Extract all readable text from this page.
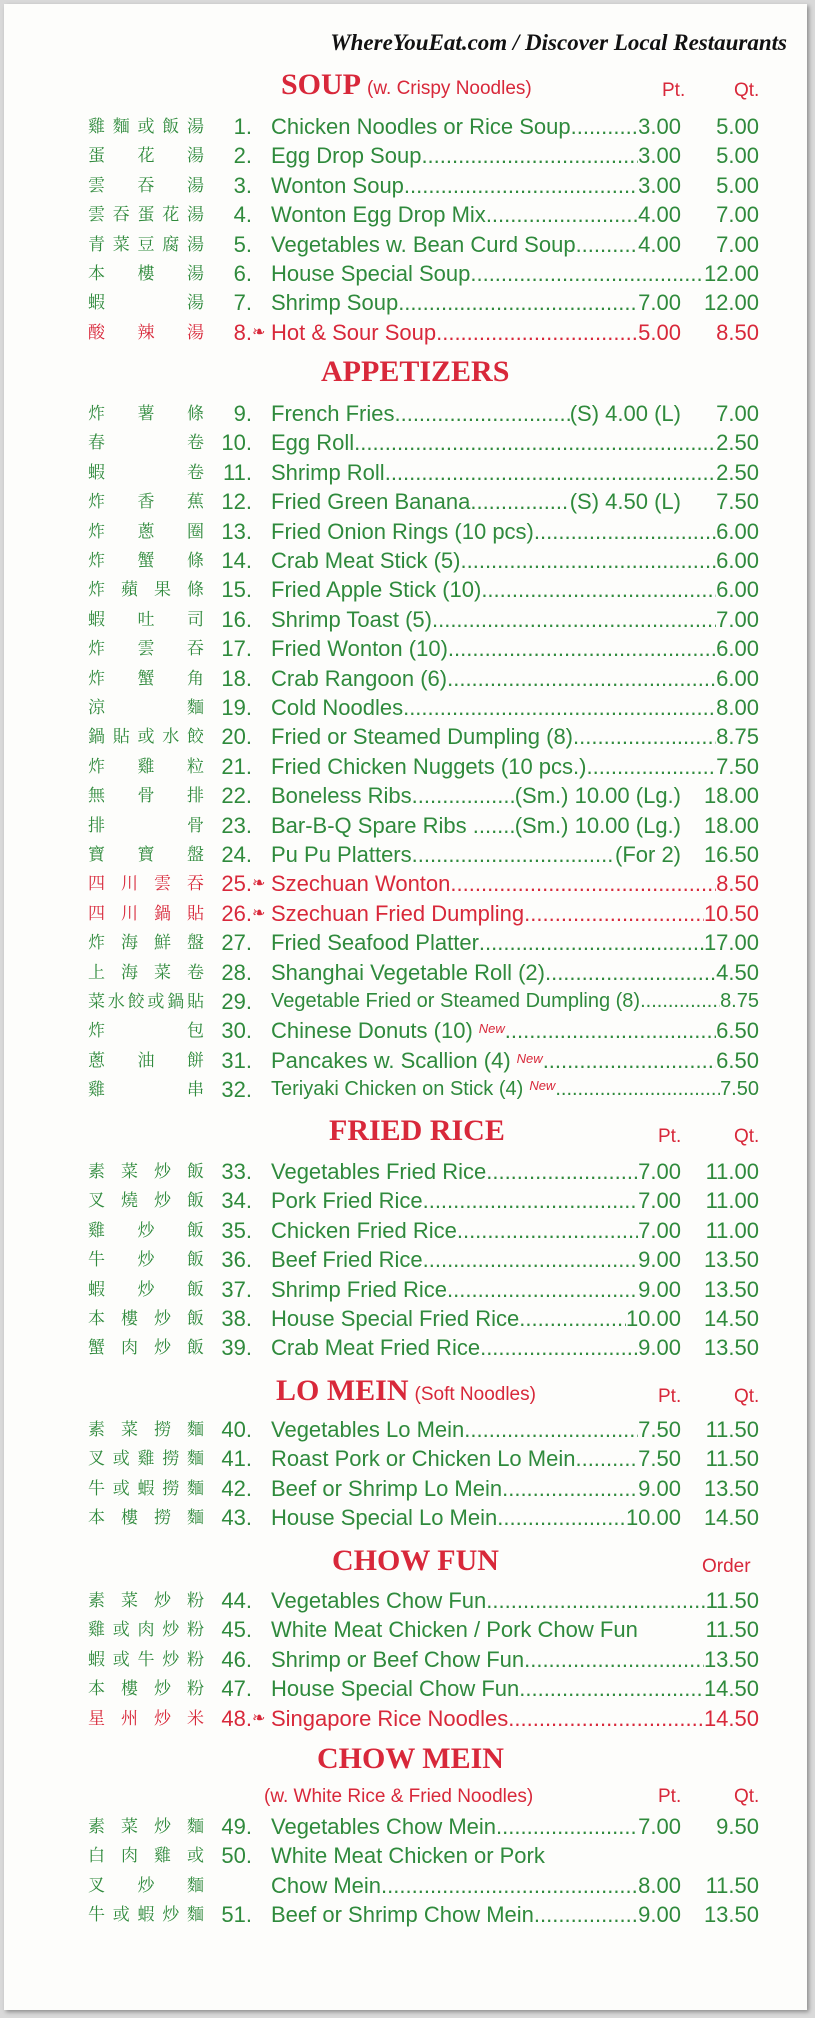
WhereYouEat.com / Discover Local Restaurants
SOUP (w. Crispy Noodles)	Pt.	Qt.
雞 麵 或 飯 湯	1. Chicken Noodles or Rice Soup .....	3.00	5.00
蛋 花 湯	2. Egg Drop Soup .....	3.00	5.00
雲 吞 湯	3. Wonton Soup .....	3.00	5.00
雲 吞 蛋 花 湯	4. Wonton Egg Drop Mix .....	4.00	7.00
青 菜 豆 腐 湯	5. Vegetables w. Bean Curd Soup .....	4.00	7.00
本 樓 湯	6. House Special Soup .....	12.00
蝦	湯	7. Shrimp Soup .....	7.00	12.00
酸 辣 湯	8. ❧ Hot & Sour Soup .....	5.00	8.50
APPETIZERS
炸 薯 條	9. French Fries .....	(S) 4.00 (L)	7.00
春	卷 10. Egg Roll .....	2.50
蝦	卷 11. Shrimp Roll .....	2.50
炸 香 蕉 12. Fried Green Banana .....	(S) 4.50 (L)	7.50
炸 蔥 圈 13. Fried Onion Rings (10 pcs) .....	6.00
炸 蟹 條 14. Crab Meat Stick (5) .....	6.00
炸 蘋 果 條 15. Fried Apple Stick (10) .....	6.00
蝦 吐 司 16. Shrimp Toast (5) .....	7.00
炸 雲 吞 17. Fried Wonton (10) .....	6.00
炸 蟹 角 18. Crab Rangoon (6) .....	6.00
涼	麵 19. Cold Noodles .....	8.00
鍋 貼 或 水 餃 20. Fried or Steamed Dumpling (8) .....	8.75
炸 雞 粒 21. Fried Chicken Nuggets (10 pcs.) .....	7.50
無 骨 排 22. Boneless Ribs .....	(Sm.) 10.00 (Lg.)	18.00
排	骨 23. Bar-B-Q Spare Ribs . ..... (Sm.) 10.00 (Lg.)	18.00
寶 寶 盤 24. Pu Pu Platters .....	(For 2)	16.50
四 川 雲 吞 25. ❧ Szechuan Wonton .....	8.50
四 川 鍋 貼 26. ❧ Szechuan Fried Dumpling .....	10.50
炸 海 鮮 盤 27. Fried Seafood Platter .....	17.00
上 海 菜 卷 28. Shanghai Vegetable Roll (2) .....	4.50
菜 水 餃 或 鍋 貼 29. Vegetable Fried or Steamed Dumpling (8) .....	8.75
炸	包 30. Chinese Donuts (10) New .....	6.50
蔥 油 餅 31. Pancakes w. Scallion (4) New .....	6.50
雞	串 32. Teriyaki Chicken on Stick (4) New .....	7.50
FRIED RICE	Pt.	Qt.
素 菜 炒 飯 33. Vegetables Fried Rice .....	7.00	11.00
叉 燒 炒 飯 34. Pork Fried Rice .....	7.00	11.00
雞 炒 飯 35. Chicken Fried Rice .....	7.00	11.00
牛 炒 飯 36. Beef Fried Rice .....	9.00	13.50
蝦 炒 飯 37. Shrimp Fried Rice .....	9.00	13.50
本 樓 炒 飯 38. House Special Fried Rice .....	10.00	14.50
蟹 肉 炒 飯 39. Crab Meat Fried Rice .....	9.00	13.50
LO MEIN (Soft Noodles)	Pt.	Qt.
素 菜 撈 麵 40. Vegetables Lo Mein .....	7.50	11.50
叉 或 雞 撈 麵 41. Roast Pork or Chicken Lo Mein. .....	7.50	11.50
牛 或 蝦 撈 麵 42. Beef or Shrimp Lo Mein .....	9.00	13.50
本 樓 撈 麵 43. House Special Lo Mein .....	10.00	14.50
CHOW FUN	Order
素 菜 炒 粉 44. Vegetables Chow Fun .....	11.50
雞 或 肉 炒 粉 45. White Meat Chicken / Pork Chow Fun	11.50
蝦 或 牛 炒 粉 46. Shrimp or Beef Chow Fun .....	13.50
本 樓 炒 粉 47. House Special Chow Fun .....	14.50
星 州 炒 米 48. ❧ Singapore Rice Noodles .....	14.50
CHOW MEIN
(w. White Rice & Fried Noodles)	Pt.	Qt.
素 菜 炒 麵 49. Vegetables Chow Mein .....	7.00	9.50
白 肉 雞 或 50. White Meat Chicken or Pork
叉 炒 麵	Chow Mein .....	8.00	11.50
牛 或 蝦 炒 麵 51. Beef or Shrimp Chow Mein .....	9.00	13.50
